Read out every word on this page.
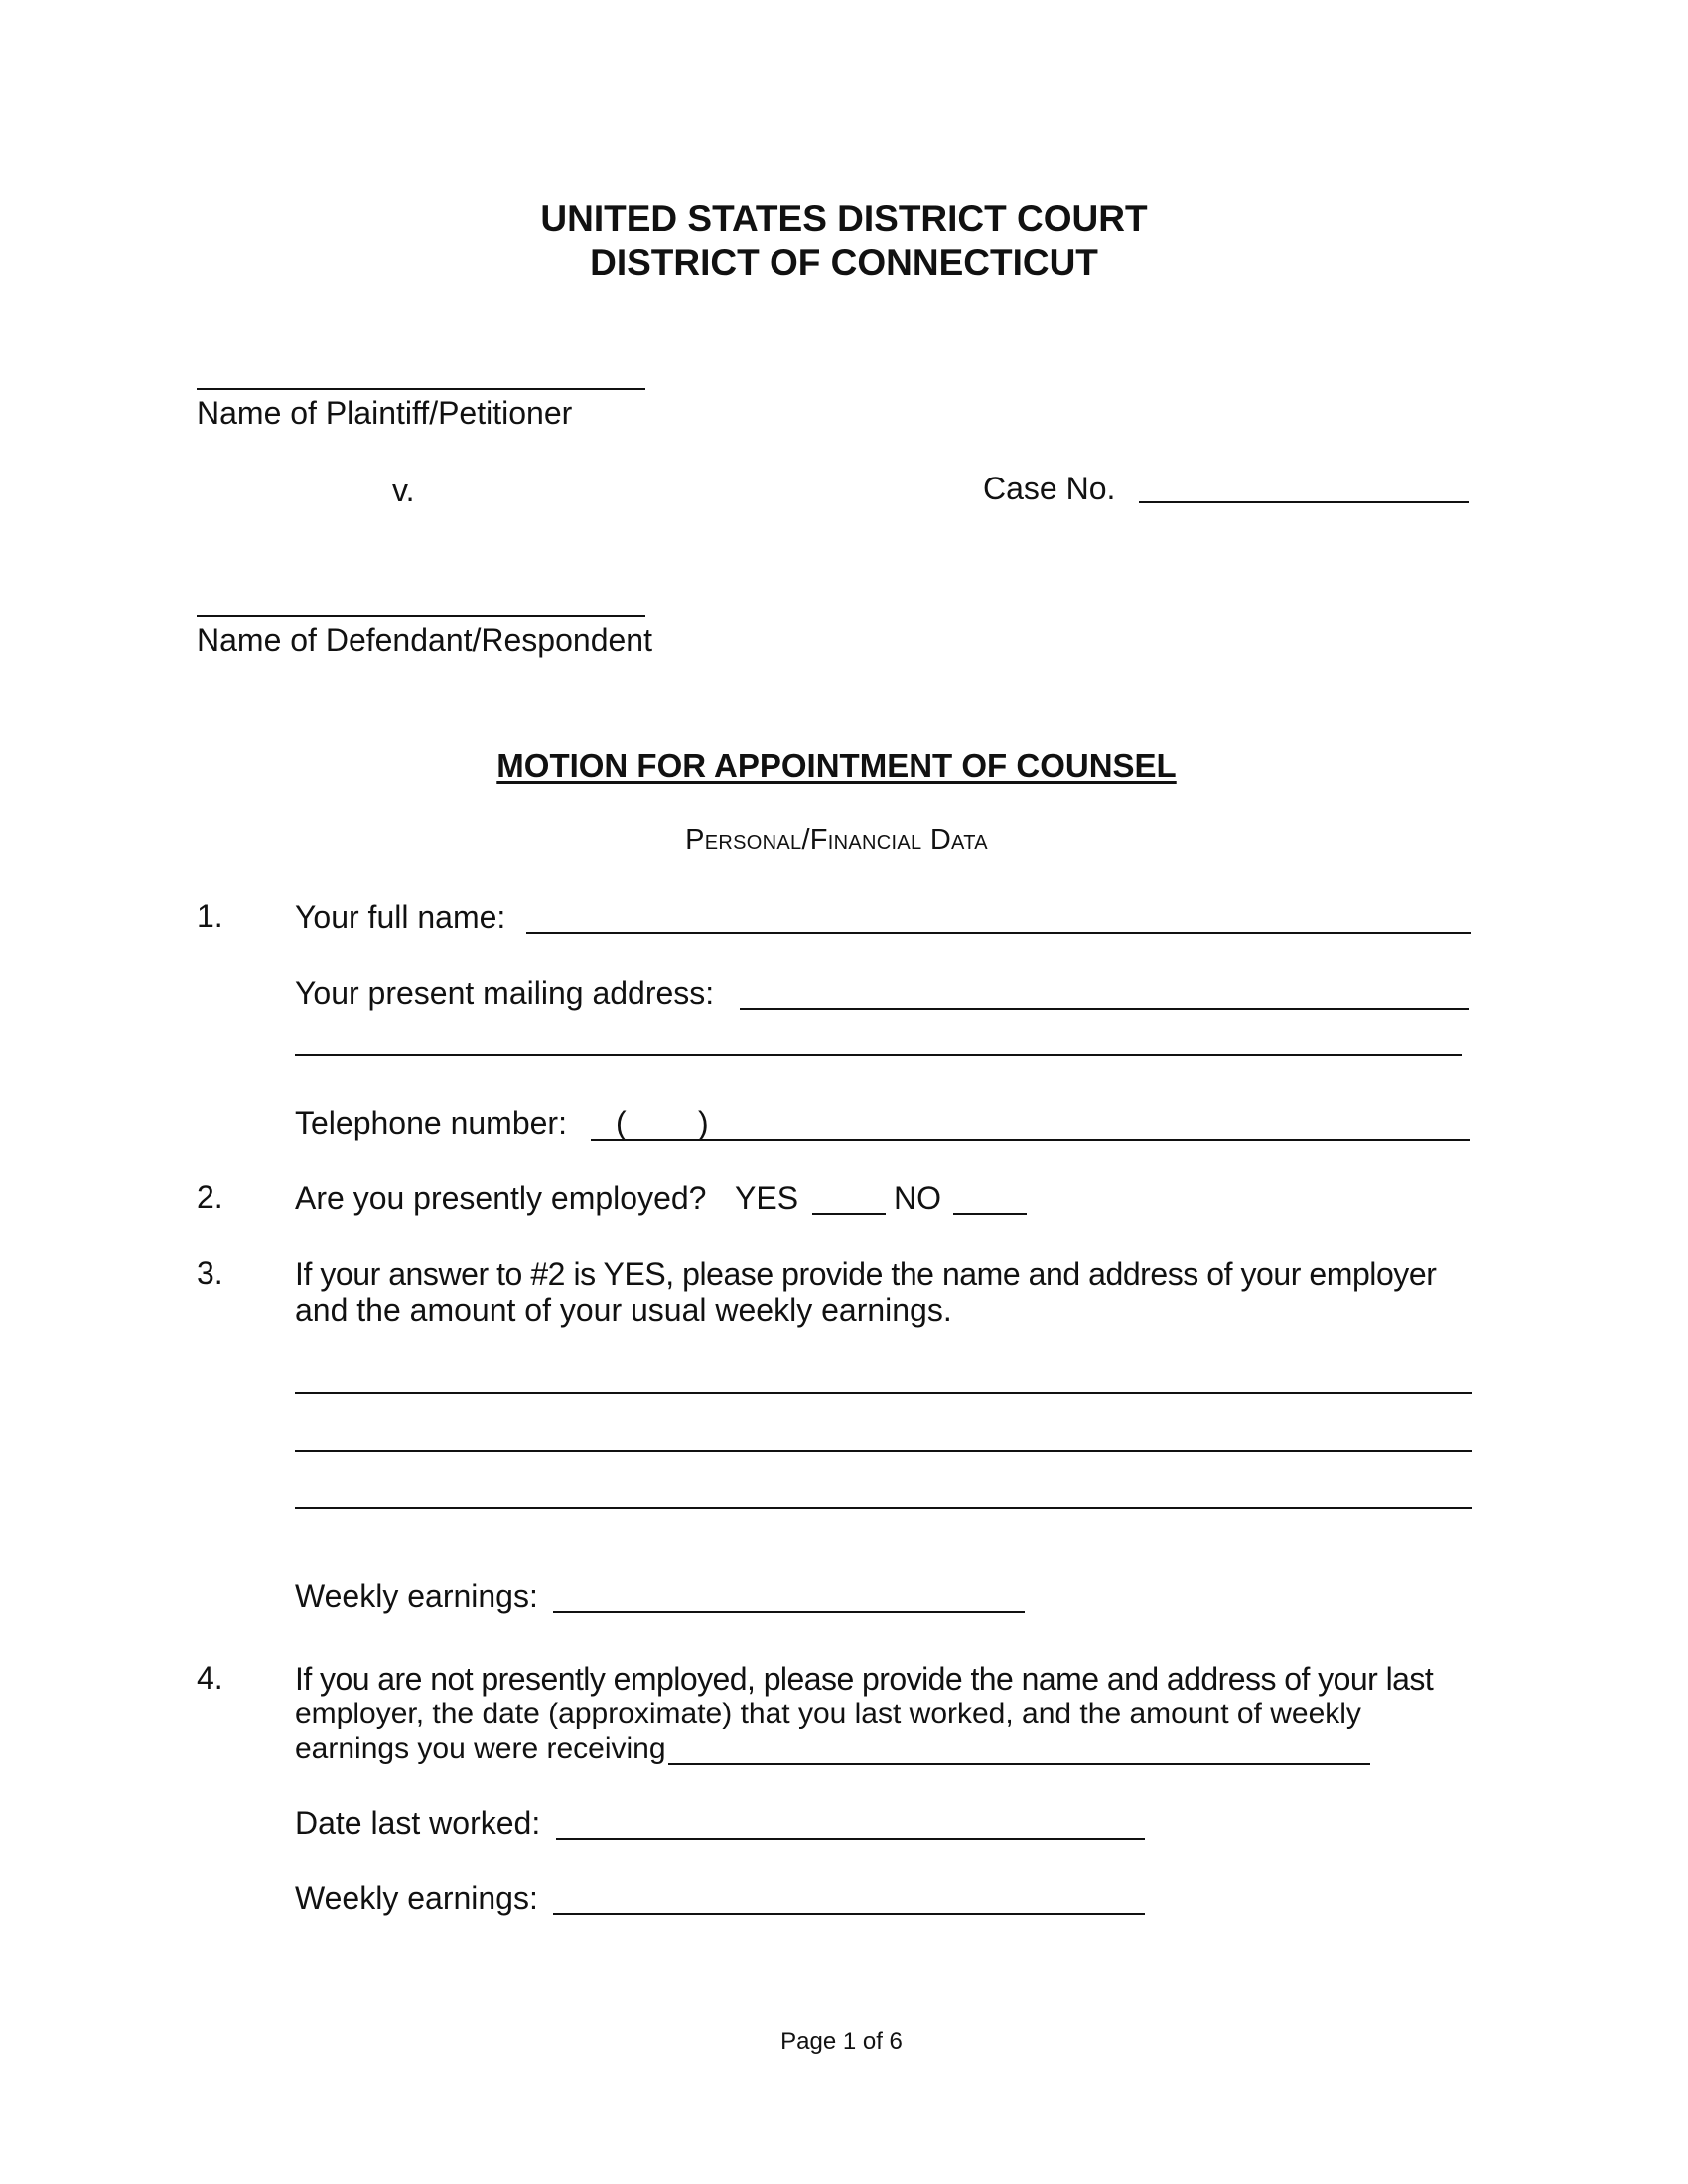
UNITED STATES DISTRICT COURT
DISTRICT OF CONNECTICUT
Name of Plaintiff/Petitioner
v.	Case No.
Name of Defendant/Respondent
MOTION FOR APPOINTMENT OF COUNSEL
Personal/Financial Data
1. Your full name:
Your present mailing address:
Telephone number: ( )
2. Are you presently employed? YES	NO
3. If your answer to #2 is YES, please provide the name and address of your employer
and the amount of your usual weekly earnings.
Weekly earnings:
4. If you are not presently employed, please provide the name and address of your last
employer, the date (approximate) that you last worked, and the amount of weekly
earnings you were receiving
Date last worked:
Weekly earnings:
Page 1 of 6
